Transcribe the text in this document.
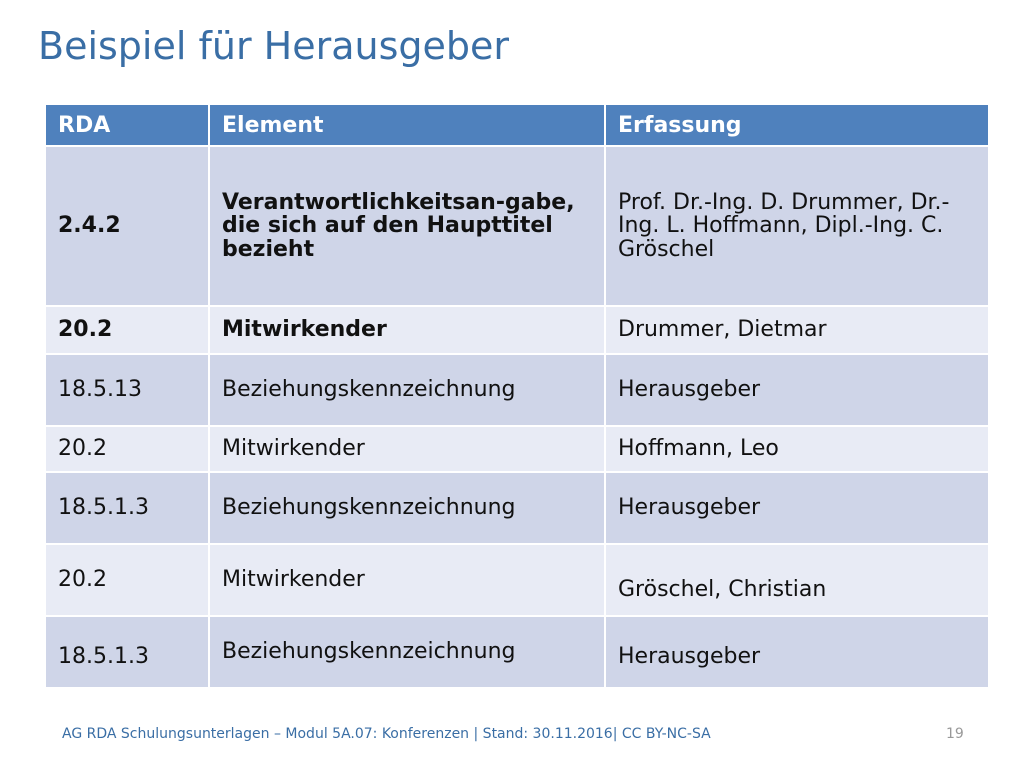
Beispiel für Herausgeber
RDA	Element	Erfassung
2.4.2	Verantwortlichkeitsan-gabe, die sich auf den Haupttitel bezieht	Prof. Dr.-Ing. D. Drummer, Dr.-Ing. L. Hoffmann, Dipl.-Ing. C. Gröschel
20.2	Mitwirkender	Drummer, Dietmar
18.5.13	Beziehungskennzeichnung	Herausgeber
20.2	Mitwirkender	Hoffmann, Leo
18.5.1.3	Beziehungskennzeichnung	Herausgeber
20.2	Mitwirkender	Gröschel, Christian
18.5.1.3	Beziehungskennzeichnung	Herausgeber
AG RDA Schulungsunterlagen – Modul 5A.07: Konferenzen | Stand: 30.11.2016| CC BY-NC-SA	19
